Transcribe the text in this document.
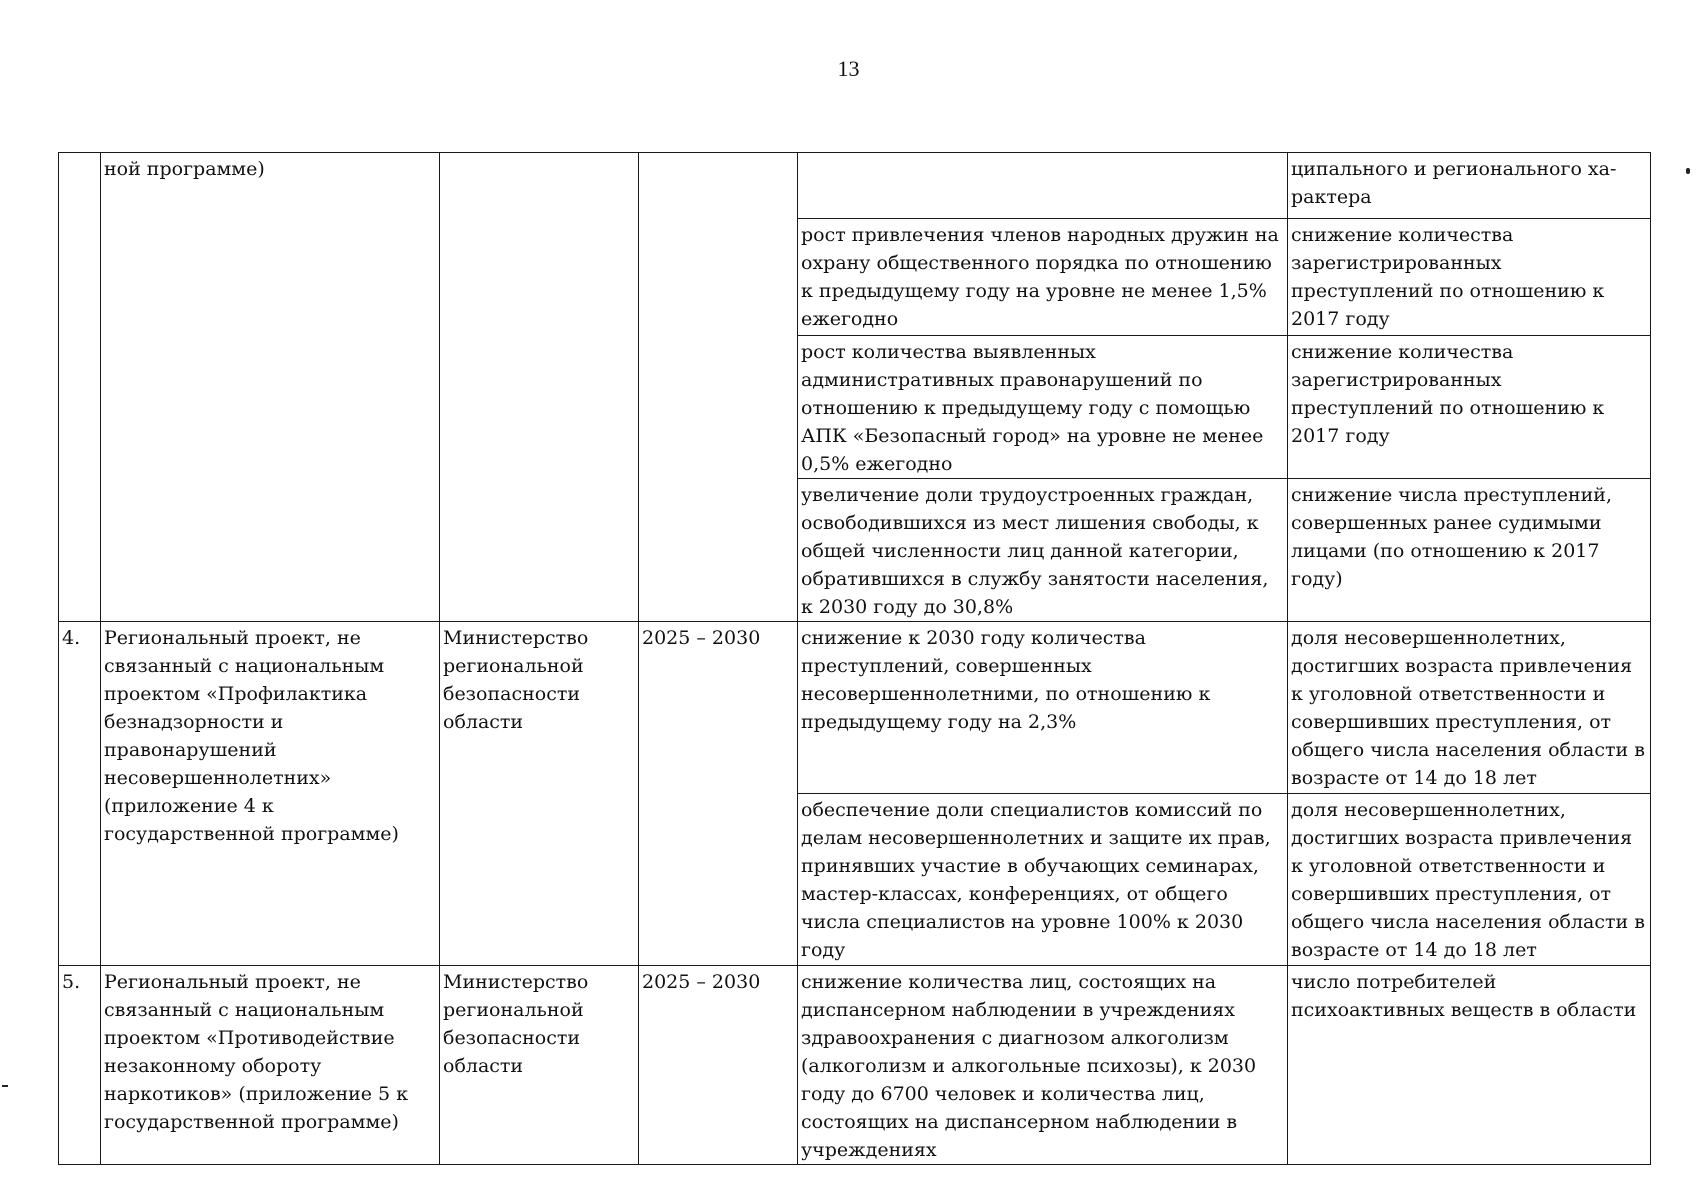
13
	ной программе)				ципального и регионального ха-
рактера
				рост привлечения членов народных дружин на охрану общественного порядка по отношению к предыдущему году на уровне не менее 1,5% ежегодно	снижение количества зарегистрированных преступлений по отношению к 2017 году
				рост количества выявленных административных правонарушений по отношению к предыдущему году с помощью АПК «Безопасный город» на уровне не менее 0,5% ежегодно	снижение количества зарегистрированных преступлений по отношению к 2017 году
				увеличение доли трудоустроенных граждан, освободившихся из мест лишения свободы, к общей численности лиц данной категории, обратившихся в службу занятости населения, к 2030 году до 30,8%	снижение числа преступлений, совершенных ранее судимыми лицами (по отношению к 2017 году)
4.	Региональный проект, не связанный с национальным проектом «Профилактика безнадзорности и правонарушений несовершеннолетних» (приложение 4 к государственной программе)	Министерство региональной безопасности области	2025 – 2030	снижение к 2030 году количества преступлений, совершенных несовершеннолетними, по отношению к предыдущему году на 2,3%	доля несовершеннолетних, достигших возраста привлечения к уголовной ответственности и совершивших преступления, от общего числа населения области в возрасте от 14 до 18 лет
				обеспечение доли специалистов комиссий по делам несовершеннолетних и защите их прав, принявших участие в обучающих семинарах, мастер-классах, конференциях, от общего числа специалистов на уровне 100% к 2030 году	доля несовершеннолетних, достигших возраста привлечения к уголовной ответственности и совершивших преступления, от общего числа населения области в возрасте от 14 до 18 лет
5.	Региональный проект, не связанный с национальным проектом «Противодействие незаконному обороту наркотиков» (приложение 5 к государственной программе)	Министерство региональной безопасности области	2025 – 2030	снижение количества лиц, состоящих на диспансерном наблюдении в учреждениях здравоохранения с диагнозом алкоголизм (алкоголизм и алкогольные психозы), к 2030 году до 6700 человек и количества лиц, состоящих на диспансерном наблюдении в учреждениях	число потребителей психоактивных веществ в области
